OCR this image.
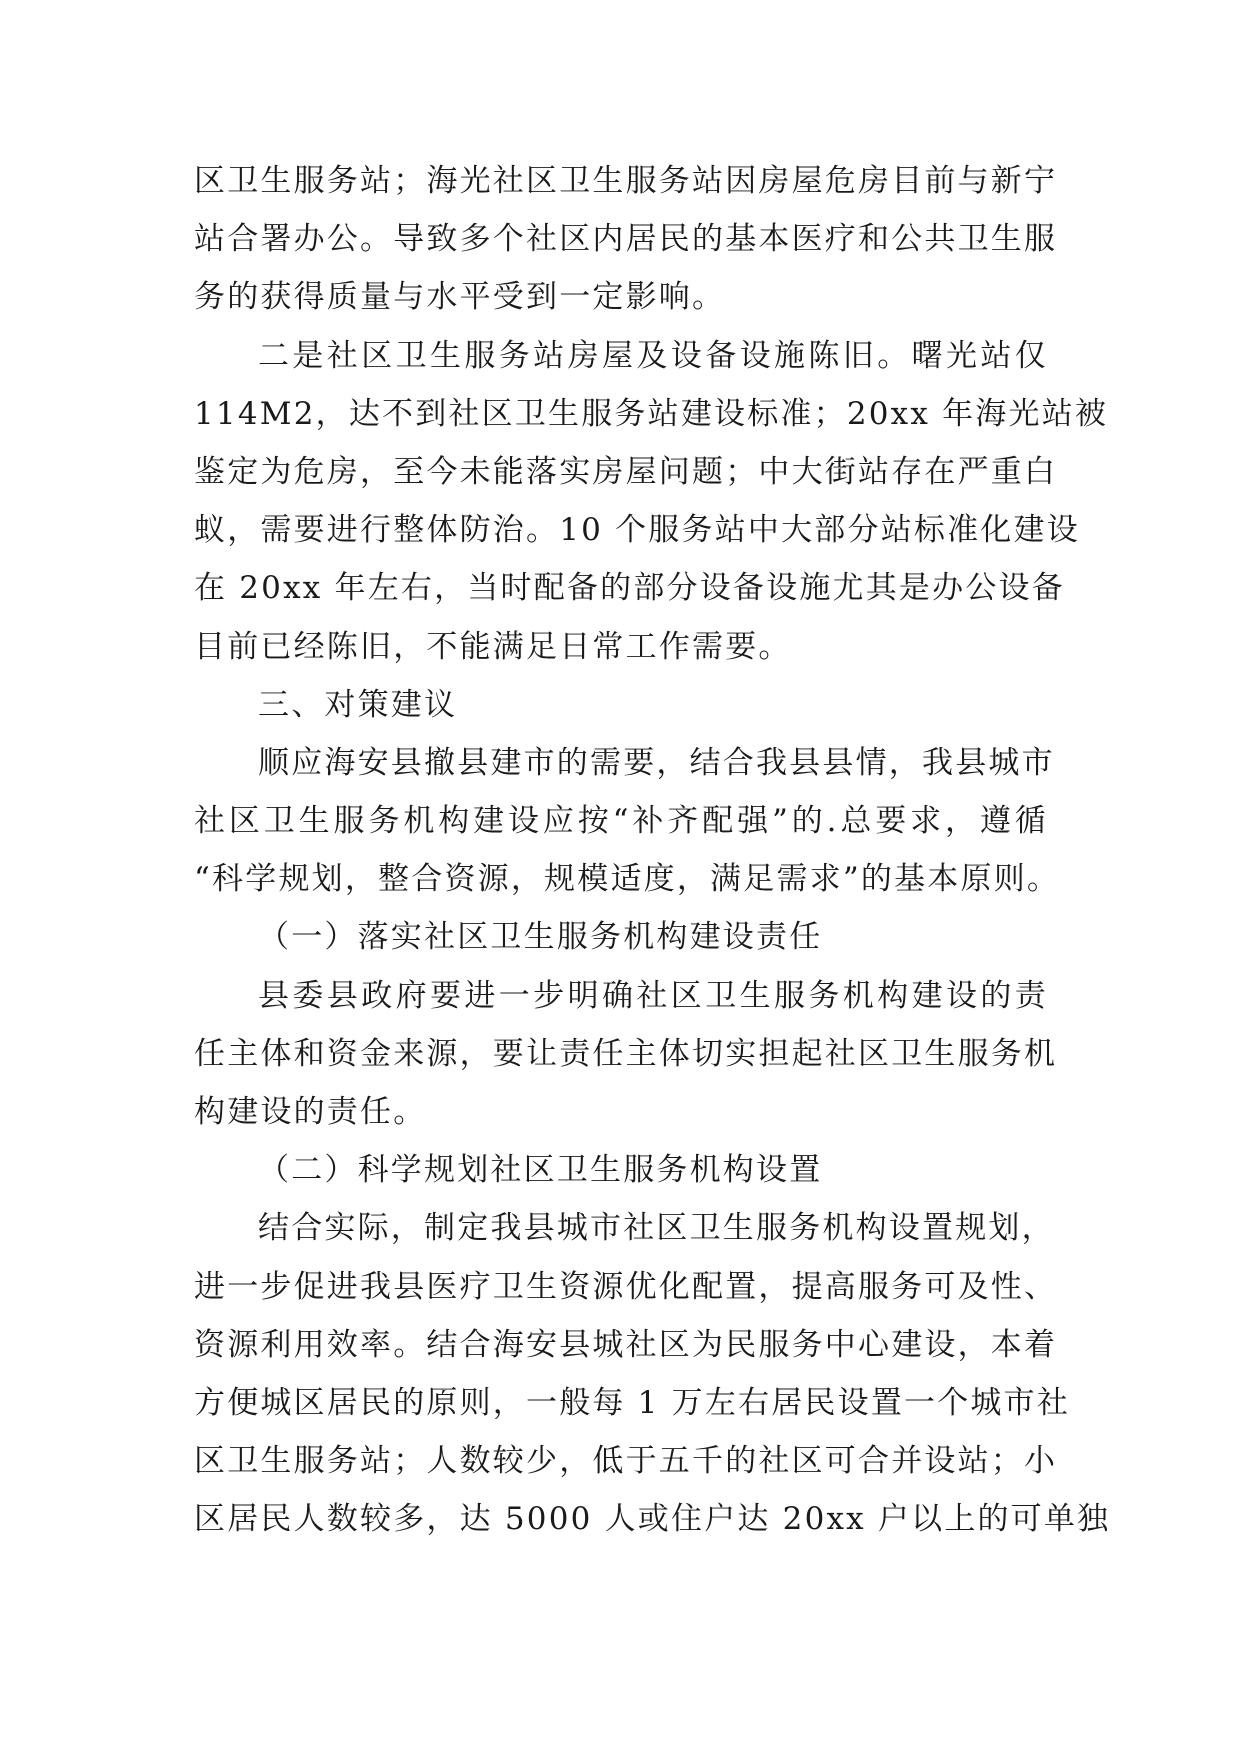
区卫生服务站；海光社区卫生服务站因房屋危房目前与新宁
站合署办公。导致多个社区内居民的基本医疗和公共卫生服
务的获得质量与水平受到一定影响。
二是社区卫生服务站房屋及设备设施陈旧。曙光站仅
114M2，达不到社区卫生服务站建设标准；20xx 年海光站被
鉴定为危房，至今未能落实房屋问题；中大街站存在严重白
蚁，需要进行整体防治。10 个服务站中大部分站标准化建设
在 20xx 年左右，当时配备的部分设备设施尤其是办公设备
目前已经陈旧，不能满足日常工作需要。
三、对策建议
顺应海安县撤县建市的需要，结合我县县情，我县城市
社区卫生服务机构建设应按“补齐配强”的.总要求，遵循
“科学规划，整合资源，规模适度，满足需求”的基本原则。
（一）落实社区卫生服务机构建设责任
县委县政府要进一步明确社区卫生服务机构建设的责
任主体和资金来源，要让责任主体切实担起社区卫生服务机
构建设的责任。
（二）科学规划社区卫生服务机构设置
结合实际，制定我县城市社区卫生服务机构设置规划，
进一步促进我县医疗卫生资源优化配置，提高服务可及性、
资源利用效率。结合海安县城社区为民服务中心建设，本着
方便城区居民的原则，一般每 1 万左右居民设置一个城市社
区卫生服务站；人数较少，低于五千的社区可合并设站；小
区居民人数较多，达 5000 人或住户达 20xx 户以上的可单独
